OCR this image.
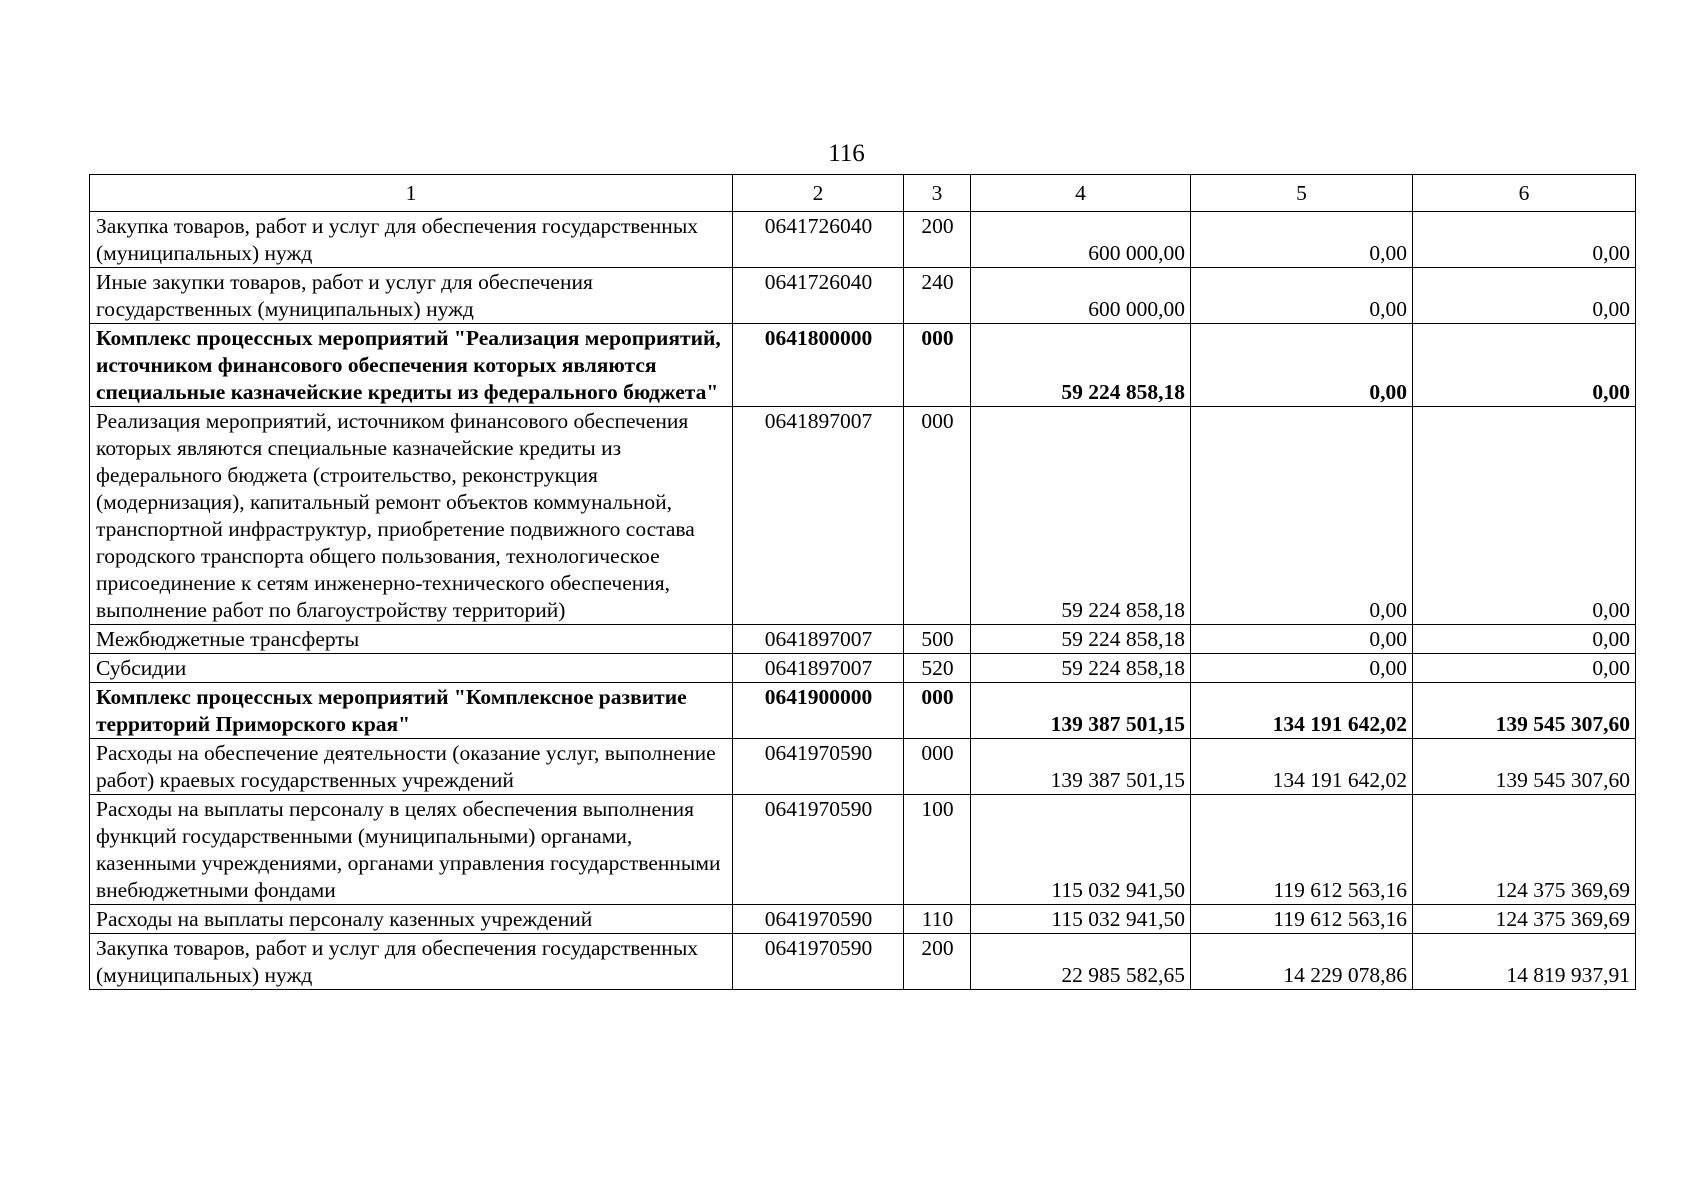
116
1	2	3	4	5	6
Закупка товаров, работ и услуг для обеспечения государственных (муниципальных) нужд	0641726040	200	600 000,00	0,00	0,00
Иные закупки товаров, работ и услуг для обеспечения государственных (муниципальных) нужд	0641726040	240	600 000,00	0,00	0,00
Комплекс процессных мероприятий "Реализация мероприятий, источником финансового обеспечения которых являются специальные казначейские кредиты из федерального бюджета"	0641800000	000	59 224 858,18	0,00	0,00
Реализация мероприятий, источником финансового обеспечения которых являются специальные казначейские кредиты из федерального бюджета (строительство, реконструкция (модернизация), капитальный ремонт объектов коммунальной, транспортной инфраструктур, приобретение подвижного состава городского транспорта общего пользования, технологическое присоединение к сетям инженерно-технического обеспечения, выполнение работ по благоустройству территорий)	0641897007	000	59 224 858,18	0,00	0,00
Межбюджетные трансферты	0641897007	500	59 224 858,18	0,00	0,00
Субсидии	0641897007	520	59 224 858,18	0,00	0,00
Комплекс процессных мероприятий "Комплексное развитие территорий Приморского края"	0641900000	000	139 387 501,15	134 191 642,02	139 545 307,60
Расходы на обеспечение деятельности (оказание услуг, выполнение работ) краевых государственных учреждений	0641970590	000	139 387 501,15	134 191 642,02	139 545 307,60
Расходы на выплаты персоналу в целях обеспечения выполнения функций государственными (муниципальными) органами, казенными учреждениями, органами управления государственными внебюджетными фондами	0641970590	100	115 032 941,50	119 612 563,16	124 375 369,69
Расходы на выплаты персоналу казенных учреждений	0641970590	110	115 032 941,50	119 612 563,16	124 375 369,69
Закупка товаров, работ и услуг для обеспечения государственных (муниципальных) нужд	0641970590	200	22 985 582,65	14 229 078,86	14 819 937,91
